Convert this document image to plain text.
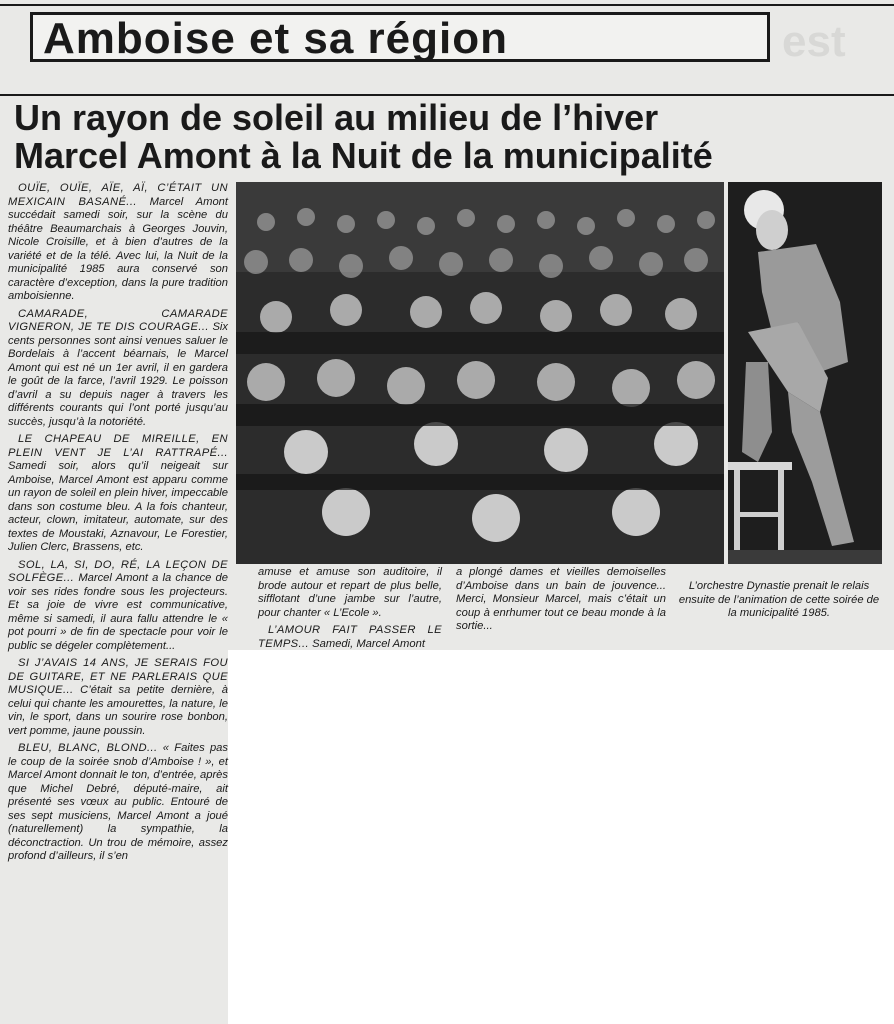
est
Amboise et sa région
Un rayon de soleil au milieu de l’hiver
Marcel Amont à la Nuit de la municipalité

OUÏE, OUÏE, AÏE, AÏ, C’ÉTAIT UN MEXICAIN BASANÉ... Marcel Amont succédait samedi soir, sur la scène du théâtre Beaumarchais à Georges Jouvin, Nicole Croisille, et à bien d’autres de la variété et de la télé. Avec lui, la Nuit de la municipalité 1985 aura conservé son caractère d’exception, dans la pure tradition amboisienne.

CAMARADE, CAMARADE VIGNERON, JE TE DIS COURAGE... Six cents personnes sont ainsi venues saluer le Bordelais à l’accent béarnais, le Marcel Amont qui est né un 1er avril, il en gardera le goût de la farce, l’avril 1929. Le poisson d’avril a su depuis nager à travers les différents courants qui l’ont porté jusqu’au succès, jusqu’à la notoriété.

LE CHAPEAU DE MIREILLE, EN PLEIN VENT JE L’AI RATTRAPÉ... Samedi soir, alors qu’il neigeait sur Amboise, Marcel Amont est apparu comme un rayon de soleil en plein hiver, impeccable dans son costume bleu. A la fois chanteur, acteur, clown, imitateur, automate, sur des textes de Moustaki, Aznavour, Le Forestier, Julien Clerc, Brassens, etc.

SOL, LA, SI, DO, RÉ, LA LEÇON DE SOLFÈGE... Marcel Amont a la chance de voir ses rides fondre sous les projecteurs. Et sa joie de vivre est communicative, même si samedi, il aura fallu attendre le « pot pourri » de fin de spectacle pour voir le public se dégeler complètement...

SI J’AVAIS 14 ANS, JE SERAIS FOU DE GUITARE, ET NE PARLERAIS QUE MUSIQUE... C’était sa petite dernière, à celui qui chante les amourettes, la nature, le vin, le sport, dans un sourire rose bonbon, vert pomme, jaune poussin.

BLEU, BLANC, BLOND... « Faites pas le coup de la soirée snob d’Amboise ! », et Marcel Amont donnait le ton, d’entrée, après que Michel Debré, député-maire, ait présenté ses vœux au public. Entouré de ses sept musiciens, Marcel Amont a joué (naturellement) la sympathie, la déconctraction. Un trou de mémoire, assez profond d’ailleurs, il s’en

amuse et amuse son auditoire, il brode autour et repart de plus belle, sifflotant d’une jambe sur l’autre, pour chanter « L’Ecole ».
L’AMOUR FAIT PASSER LE TEMPS... Samedi, Marcel Amont
a plongé dames et vieilles demoiselles d’Amboise dans un bain de jouvence... Merci, Monsieur Marcel, mais c’était un coup à enrhumer tout ce beau monde à la sortie...
L’orchestre Dynastie prenait le relais ensuite de l’animation de cette soirée de la municipalité 1985.
